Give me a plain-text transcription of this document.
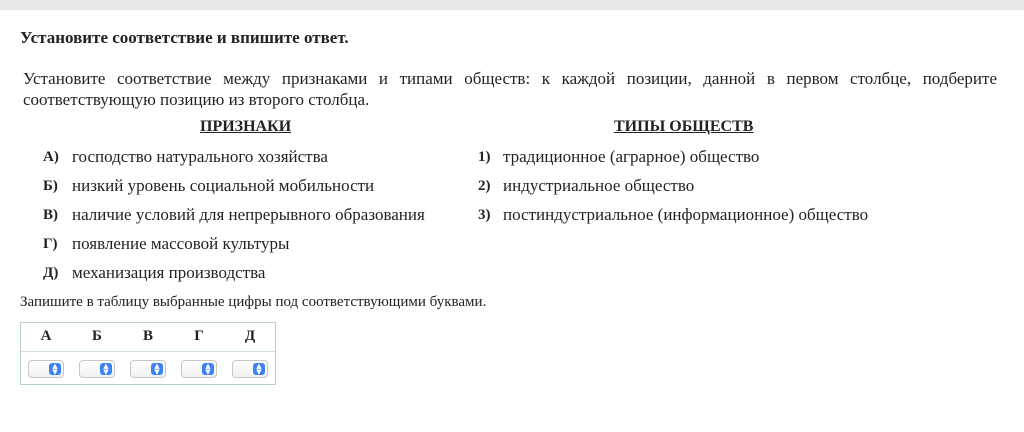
Установите соответствие и впишите ответ.
Установите соответствие между признаками и типами обществ: к каждой позиции, данной в первом столбце, подберите соответствующую позицию из второго столбца.
ПРИЗНАКИ	ТИПЫ ОБЩЕСТВ
А) господство натурального хозяйства
Б) низкий уровень социальной мобильности
В) наличие условий для непрерывного образования
Г) появление массовой культуры
Д) механизация производства
1) традиционное (аграрное) общество
2) индустриальное общество
3) постиндустриальное (информационное) общество
Запишите в таблицу выбранные цифры под соответствующими буквами.
А	Б	В	Г	Д
▲
▼
▲
▼
▲
▼
▲
▼
▲
▼
